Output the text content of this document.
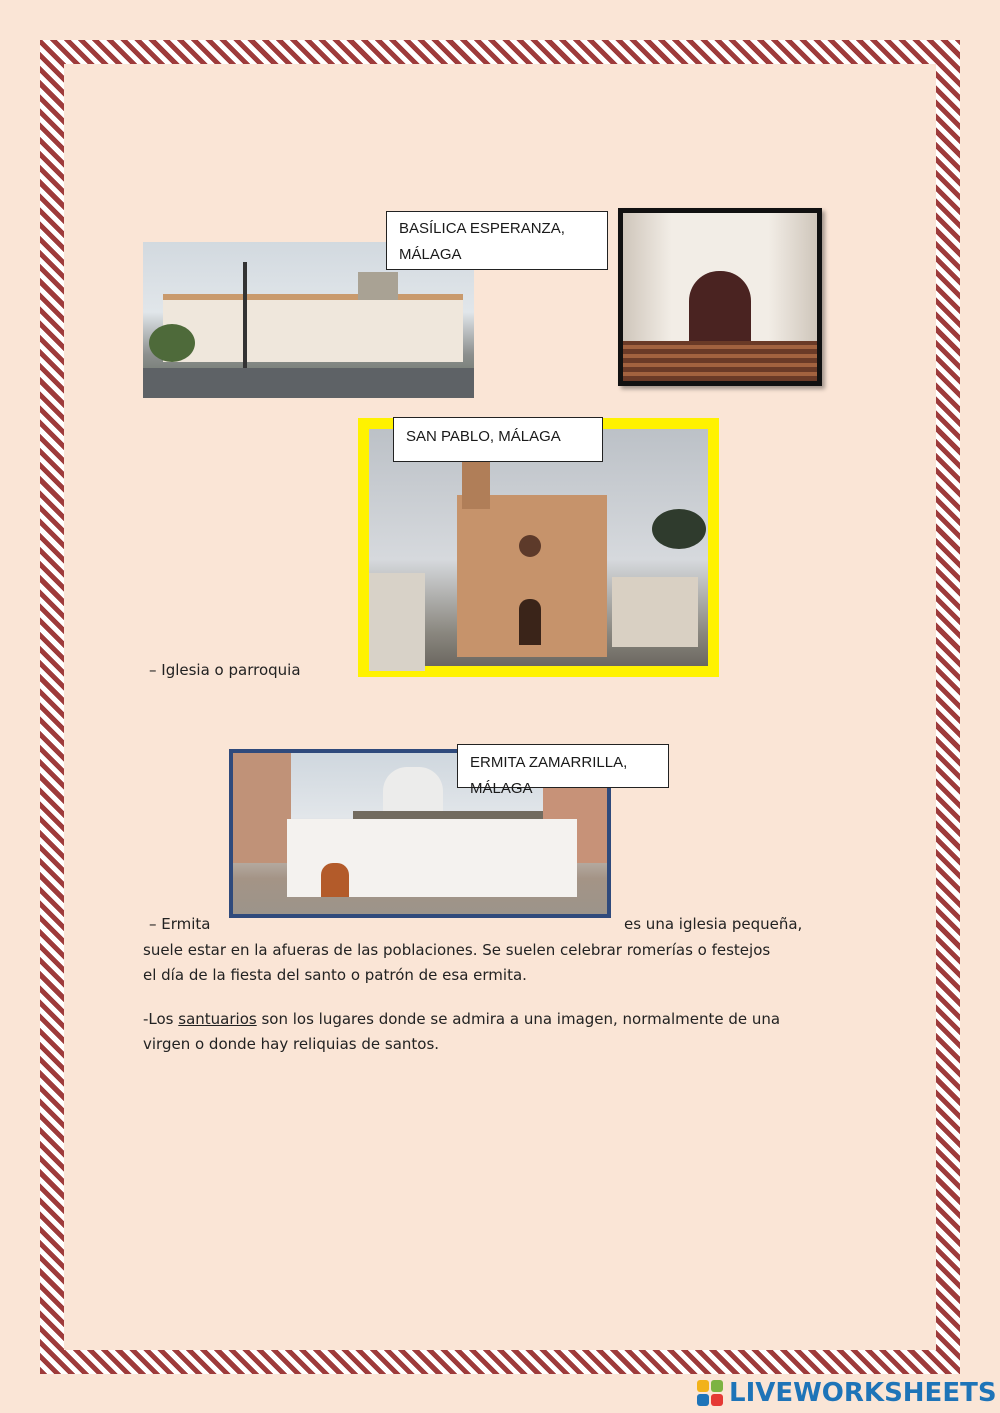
BASÍLICA ESPERANZA,
MÁLAGA
SAN PABLO, MÁLAGA
– Iglesia o parroquia
ERMITA ZAMARRILLA,
– Ermita	es una iglesia pequeña,
suele estar en la afueras de las poblaciones. Se suelen celebrar romerías o festejos
el día de la fiesta del santo o patrón de esa ermita.
-Los santuarios son los lugares donde se admira a una imagen, normalmente de una
virgen o donde hay reliquias de santos.
LIVEWORKSHEETS
